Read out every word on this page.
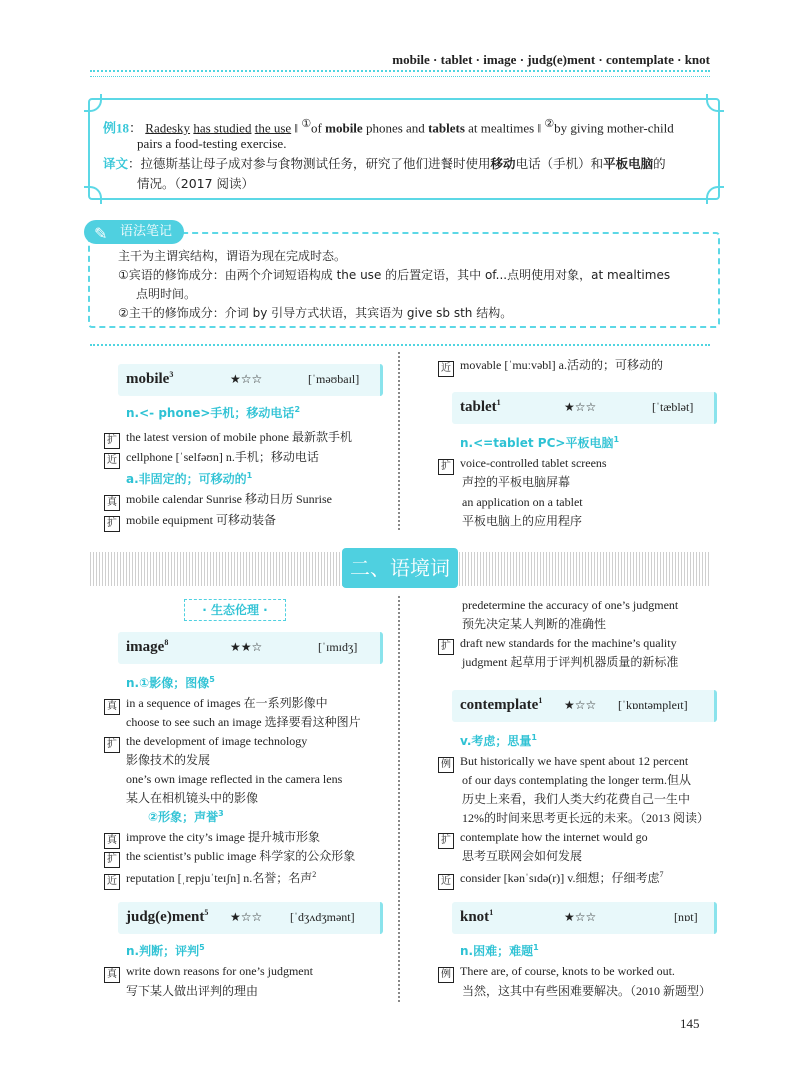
mobile · tablet · image · judg(e)ment · contemplate · knot
例18： Radesky has studied the use ‖ ①of mobile phones and tablets at mealtimes ‖ ②by giving mother-child
pairs a food-testing exercise.
译文：拉德斯基让母子成对参与食物测试任务，研究了他们进餐时使用移动电话（手机）和平板电脑的
情况。（2017 阅读）
✎ 语法笔记
主干为主谓宾结构，谓语为现在完成时态。
①宾语的修饰成分：由两个介词短语构成 the use 的后置定语，其中 of...点明使用对象，at mealtimes
点明时间。
②主干的修饰成分：介词 by 引导方式状语，其宾语为 give sb sth 结构。
mobile$^3$	★☆☆	[ˈməʊbaɪl]
n.<- phone>手机；移动电话$^2$
扩 the latest version of mobile phone 最新款手机
近 cellphone [ˈselfəʊn] n.手机；移动电话
a.非固定的；可移动的$^1$
真 mobile calendar Sunrise 移动日历 Sunrise
扩 mobile equipment 可移动装备
近 movable [ˈmuːvəbl] a.活动的；可移动的
tablet$^1$	★☆☆	[ˈtæblət]
n.<=tablet PC>平板电脑$^1$
扩 voice-controlled tablet screens
声控的平板电脑屏幕
an application on a tablet
平板电脑上的应用程序
二、语境词汇
· 生态伦理 ·
image$^8$	★★☆	[ˈɪmɪdʒ]
n.①影像；图像$^5$
真 in a sequence of images 在一系列影像中
choose to see such an image 选择要看这种图片
扩 the development of image technology
影像技术的发展
one’s own image reflected in the camera lens
某人在相机镜头中的影像
②形象；声誉$^3$
真 improve the city’s image 提升城市形象
扩 the scientist’s public image 科学家的公众形象
近 reputation [ˌrepjuˈteɪʃn] n.名誉；名声$^2$
judg(e)ment$^5$ ★☆☆ [ˈdʒʌdʒmənt]
n.判断；评判$^5$
真 write down reasons for one’s judgment
写下某人做出评判的理由
predetermine the accuracy of one’s judgment
预先决定某人判断的准确性
扩 draft new standards for the machine’s quality
judgment 起草用于评判机器质量的新标准
contemplate$^1$ ★☆☆ [ˈkɒntəmpleɪt]
v.考虑；思量$^1$
例 But historically we have spent about 12 percent
of our days contemplating the longer term.但从
历史上来看，我们人类大约花费自己一生中
12%的时间来思考更长远的未来。（2013 阅读）
扩 contemplate how the internet would go
思考互联网会如何发展
近 consider [kənˈsɪdə(r)] v.细想；仔细考虑$^7$
knot$^1$	★☆☆	[nɒt]
n.困难；难题$^1$
例 There are, of course, knots to be worked out.
当然，这其中有些困难要解决。（2010 新题型）
145
